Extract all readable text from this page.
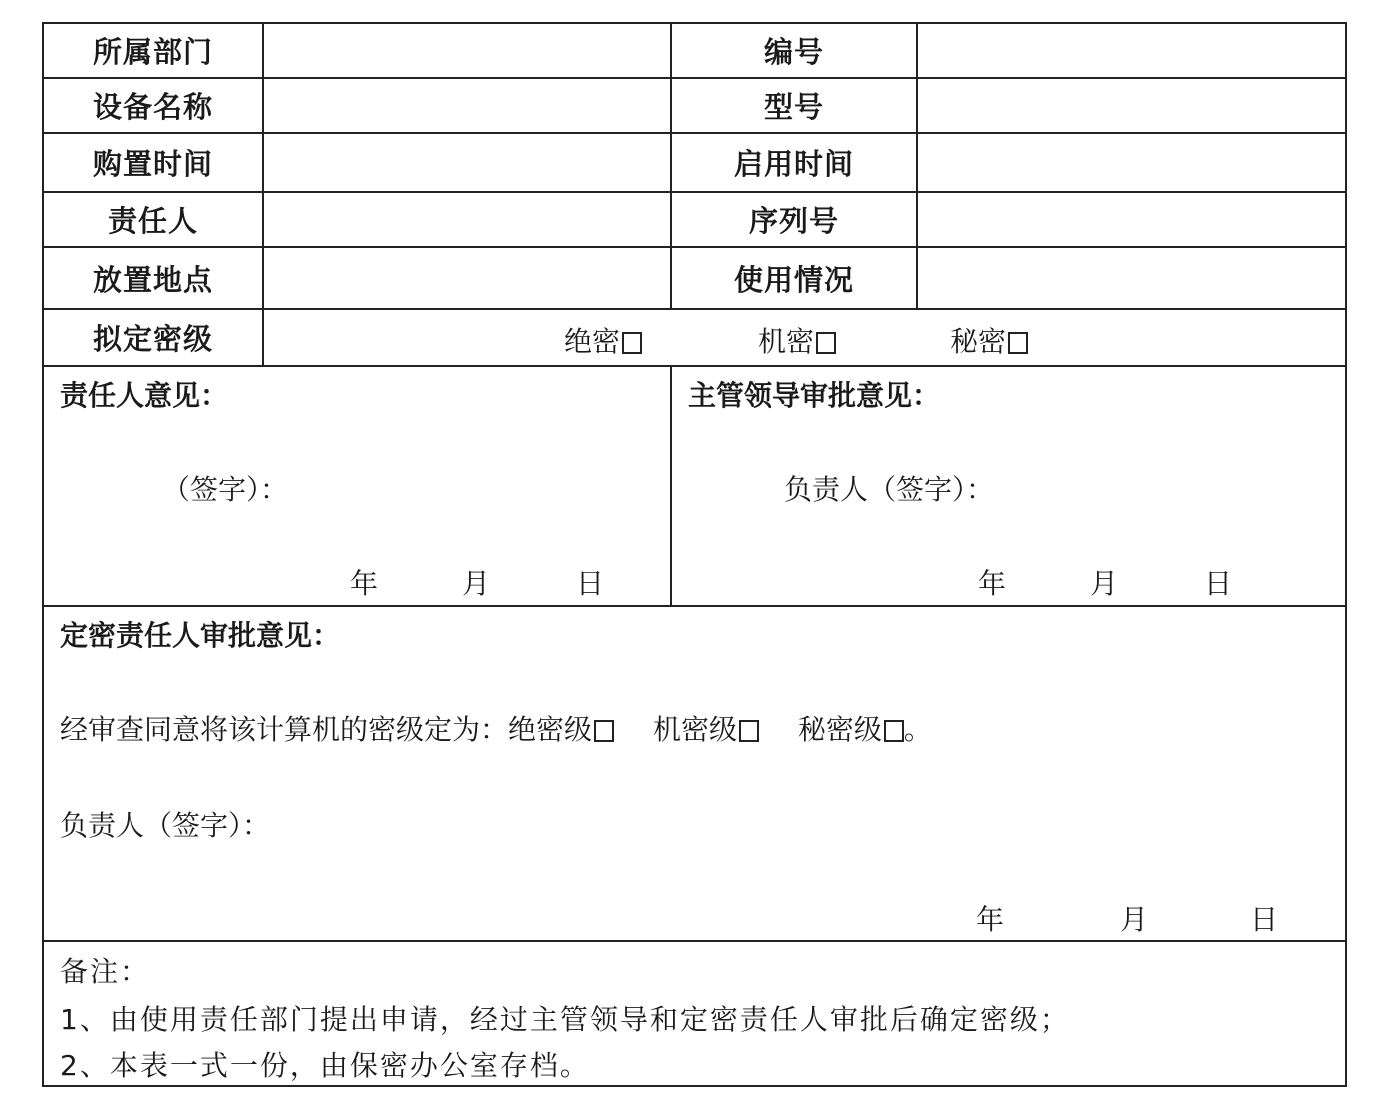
所属部门	编号
设备名称	型号
购置时间	启用时间
责任人	序列号
放置地点	使用情况
拟定密级	绝密	机密	秘密
责任人意见：
（签字）：
年	月	日
主管领导审批意见：
负责人（签字）：
年	月	日
定密责任人审批意见：
经审查同意将该计算机的密级定为：绝密级 机密级 秘密级 。
负责人（签字）：
年	月	日
备注：
1、由使用责任部门提出申请，经过主管领导和定密责任人审批后确定密级；
2、本表一式一份，由保密办公室存档。
